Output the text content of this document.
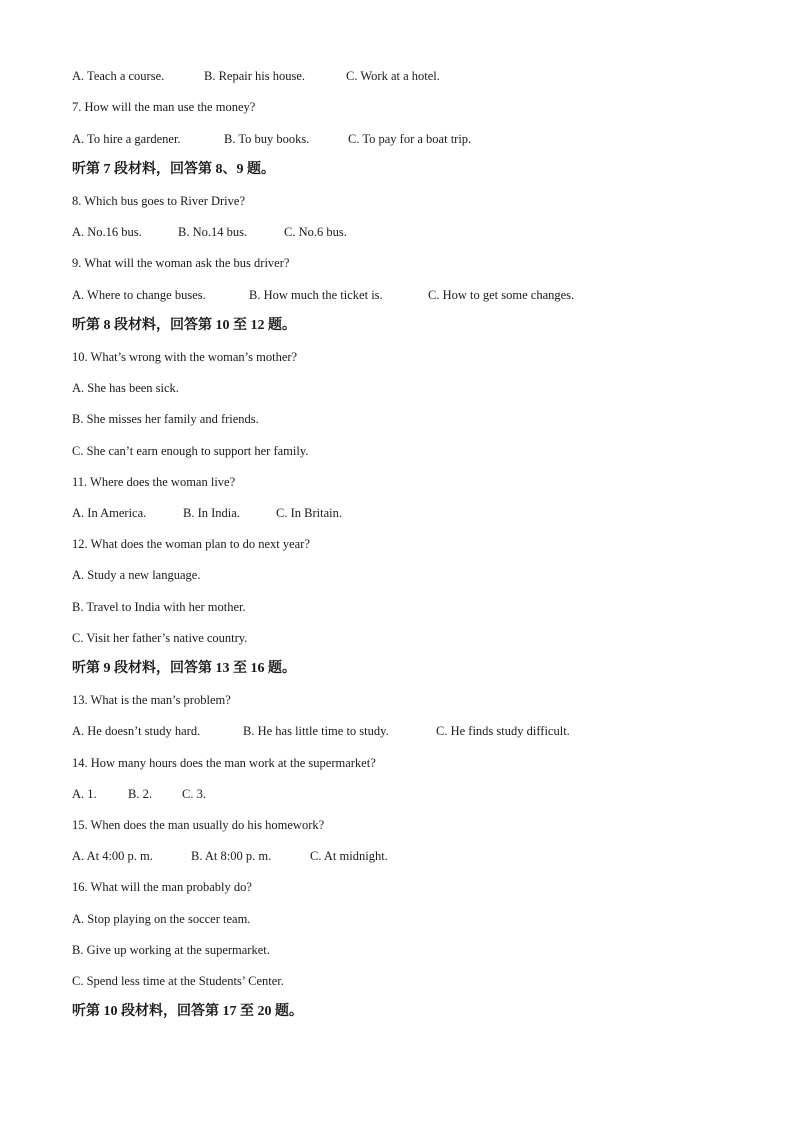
A. Teach a course.	B. Repair his house.	C. Work at a hotel.
7. How will the man use the money?
A. To hire a gardener.	B. To buy books.	C. To pay for a boat trip.
听第 7 段材料，回答第 8、9 题。
8. Which bus goes to River Drive?
A. No.16 bus.	B. No.14 bus.	C. No.6 bus.
9. What will the woman ask the bus driver?
A. Where to change buses.	B. How much the ticket is.	C. How to get some changes.
听第 8 段材料，回答第 10 至 12 题。
10. What’s wrong with the woman’s mother?
A. She has been sick.
B. She misses her family and friends.
C. She can’t earn enough to support her family.
11. Where does the woman live?
A. In America.	B. In India.	C. In Britain.
12. What does the woman plan to do next year?
A. Study a new language.
B. Travel to India with her mother.
C. Visit her father’s native country.
听第 9 段材料，回答第 13 至 16 题。
13. What is the man’s problem?
A. He doesn’t study hard.	B. He has little time to study.	C. He finds study difficult.
14. How many hours does the man work at the supermarket?
A. 1.	B. 2. C. 3.
15. When does the man usually do his homework?
A. At 4:00 p. m.	B. At 8:00 p. m.	C. At midnight.
16. What will the man probably do?
A. Stop playing on the soccer team.
B. Give up working at the supermarket.
C. Spend less time at the Students’ Center.
听第 10 段材料，回答第 17 至 20 题。
